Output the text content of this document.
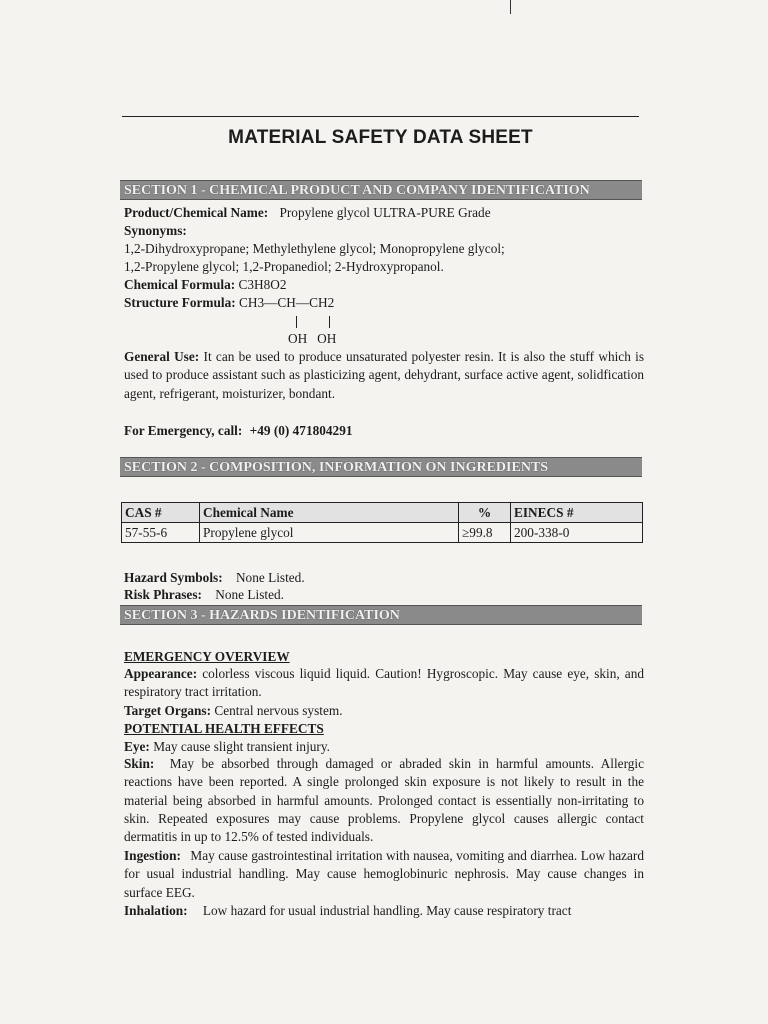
MATERIAL SAFETY DATA SHEET
SECTION 1 - CHEMICAL PRODUCT AND COMPANY IDENTIFICATION
Product/Chemical Name: Propylene glycol ULTRA-PURE Grade
Synonyms:
1,2-Dihydroxypropane; Methylethylene glycol; Monopropylene glycol;
1,2-Propylene glycol; 1,2-Propanediol; 2-Hydroxypropanol.
Chemical Formula: C3H8O2
Structure Formula: CH3—CH—CH2
OH   OH
General Use: It can be used to produce unsaturated polyester resin. It is also the stuff which is used to produce assistant such as plasticizing agent, dehydrant, surface active agent, solidfication agent, refrigerant, moisturizer, bondant.
For Emergency, call: +49 (0) 471804291
SECTION 2 - COMPOSITION, INFORMATION ON INGREDIENTS
CAS #	Chemical Name	%	EINECS #
57-55-6	Propylene glycol	≥99.8	200-338-0
Hazard Symbols: None Listed.
Risk Phrases: None Listed.
SECTION 3 - HAZARDS IDENTIFICATION
EMERGENCY OVERVIEW
Appearance: colorless viscous liquid liquid. Caution! Hygroscopic. May cause eye, skin, and respiratory tract irritation.
Target Organs: Central nervous system.
POTENTIAL HEALTH EFFECTS
Eye: May cause slight transient injury.
Skin: May be absorbed through damaged or abraded skin in harmful amounts. Allergic reactions have been reported. A single prolonged skin exposure is not likely to result in the material being absorbed in harmful amounts. Prolonged contact is essentially non-irritating to skin. Repeated exposures may cause problems. Propylene glycol causes allergic contact dermatitis in up to 12.5% of tested individuals.
Ingestion: May cause gastrointestinal irritation with nausea, vomiting and diarrhea. Low hazard for usual industrial handling. May cause hemoglobinuric nephrosis. May cause changes in surface EEG.
Inhalation: Low hazard for usual industrial handling. May cause respiratory tract
